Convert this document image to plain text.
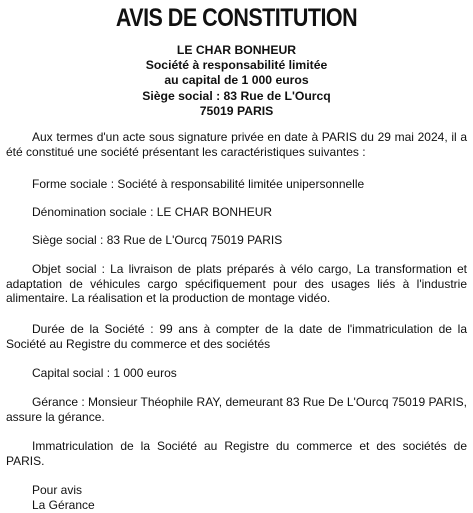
AVIS DE CONSTITUTION
LE CHAR BONHEUR
Société à responsabilité limitée
au capital de 1 000 euros
Siège social : 83 Rue de L'Ourcq
75019 PARIS

Aux termes d'un acte sous signature privée en date à PARIS du 29 mai 2024, il a été constitué une société présentant les caractéristiques suivantes :

Forme sociale : Société à responsabilité limitée unipersonnelle

Dénomination sociale : LE CHAR BONHEUR

Siège social : 83 Rue de L'Ourcq 75019 PARIS

Objet social : La livraison de plats préparés à vélo cargo, La transformation et adaptation de véhicules cargo spécifiquement pour des usages liés à l'industrie alimentaire. La réalisation et la production de montage vidéo.

Durée de la Société : 99 ans à compter de la date de l'immatriculation de la Société au Registre du commerce et des sociétés

Capital social : 1 000 euros

Gérance : Monsieur Théophile RAY, demeurant 83 Rue De L'Ourcq 75019 PARIS, assure la gérance.

Immatriculation de la Société au Registre du commerce et des sociétés de PARIS.

Pour avis
La Gérance
